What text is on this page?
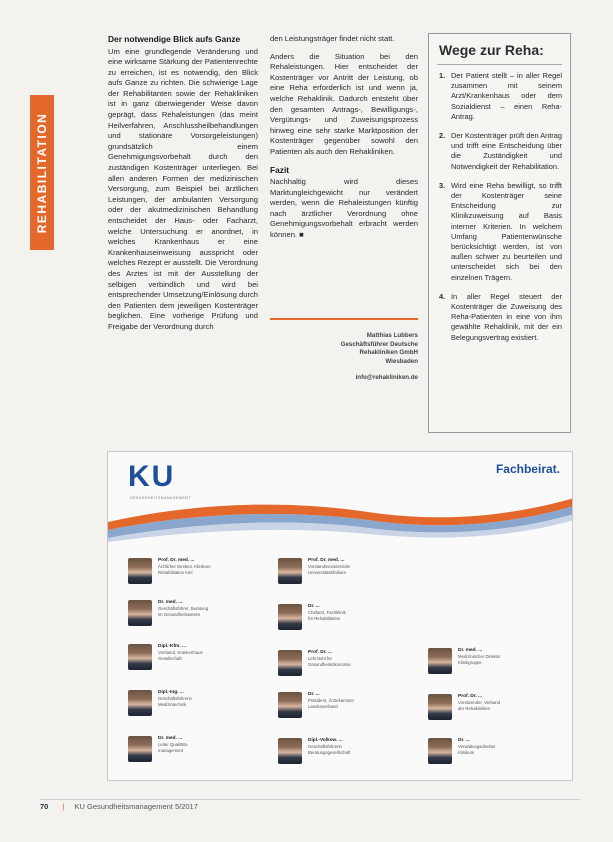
REHABILITATION
Der notwendige Blick aufs Ganze

Um eine grundlegende Veränderung und eine wirksame Stärkung der Patientenrechte zu erreichen, ist es notwendig, den Blick aufs Ganze zu richten. Die schwierige Lage der Rehabilitanten sowie der Rehakliniken ist in ganz überwiegender Weise davon geprägt, dass Rehaleistungen (das meint Heilverfahren, Anschlussheilbehandlungen und stationäre Vorsorgeleistungen) grundsätzlich einem Genehmigungsvorbehalt durch den zuständigen Kostenträger unterliegen. Bei allen anderen Formen der medizinischen Versorgung, zum Beispiel bei ärztlichen Leistungen, der ambulanten Versorgung oder der akutmedizinischen Behandlung entscheidet der Haus- oder Facharzt, welche Untersuchung er anordnet, in welches Krankenhaus er eine Krankenhauseinweisung ausspricht oder welches Rezept er ausstellt. Die Verordnung des Arztes ist mit der Ausstellung der selbigen verbindlich und wird bei entsprechender Umsetzung/Einlösung durch den Patienten dem jeweiligen Kostenträger beglichen. Eine vorherige Prüfung und Freigabe der Verordnung durch

den Leistungsträger findet nicht statt.

Anders die Situation bei den Rehaleistungen. Hier entscheidet der Kostenträger vor Antritt der Leistung, ob eine Reha erforderlich ist und wenn ja, welche Rehaklinik. Dadurch entsteht über den gesamten Antrags-, Bewilligungs-, Vergütungs- und Zuweisungsprozess hinweg eine sehr starke Marktposition der Kostenträger gegenüber sowohl den Patienten als auch den Rehakliniken.

Fazit

Nachhaltig wird dieses Marktungleichgewicht nur verändert werden, wenn die Rehaleistungen künftig nach ärztlicher Verordnung ohne Genehmigungsvorbehalt erbracht werden können. ■

Matthias Lubbers
Geschäftsführer Deutsche
Rehakliniken GmbH
Wiesbaden
info@rehakliniken.de
Wege zur Reha:
1. Der Patient stellt – in aller Regel zusammen mit seinem Arzt/Krankenhaus oder dem Sozialdienst – einen Reha-Antrag.
2. Der Kostenträger prüft den Antrag und trifft eine Entscheidung über die Zuständigkeit und Notwendigkeit der Rehabilitation.
3. Wird eine Reha bewilligt, so trifft der Kostenträger seine Entscheidung zur Klinikzuweisung auf Basis interner Kriterien. In welchem Umfang Patientenwünsche berücksichtigt werden, ist von außen schwer zu beurteilen und unterscheidet sich bei den einzelnen Trägern.
4. In aller Regel steuert der Kostenträger die Zuweisung des Reha-Patienten in eine von ihm gewählte Rehaklinik, mit der ein Belegungsvertrag existiert.
KU
GESUNDHEITSMANAGEMENT
Fachbeirat.
Prof. Dr. med. ...
Ärztlicher Direktor, Klinikum
Rehabilitation Kiel
Prof. Dr. med. ...
Vorstandsvorsitzender
Universitätsklinikum
Dr. med. ...
Geschäftsführer, Beratung
im Gesundheitswesen
Dr. ...
Chefarzt, Fachklinik
für Rehabilitation
Dipl.-Kfm. ...
Vorstand, Krankenhaus
Gesellschaft
Prof. Dr. ...
Lehrstuhl für
Gesundheitsökonomie
Dr. med. ...
Medizinischer Direktor
Klinikgruppe
Dipl.-Ing. ...
Geschäftsführerin
Medizintechnik
Dr. ...
Präsident, Ärztekammer
Landesverband
Prof. Dr. ...
Vorsitzender, Verband
der Rehakliniken
Dr. med. ...
Leiter Qualitäts-
management
Dipl.-Volksw. ...
Geschäftsführerin
Beratungsgesellschaft
Dr. ...
Verwaltungsdirektor
Klinikum
70 | KU Gesundheitsmanagement 5/2017
